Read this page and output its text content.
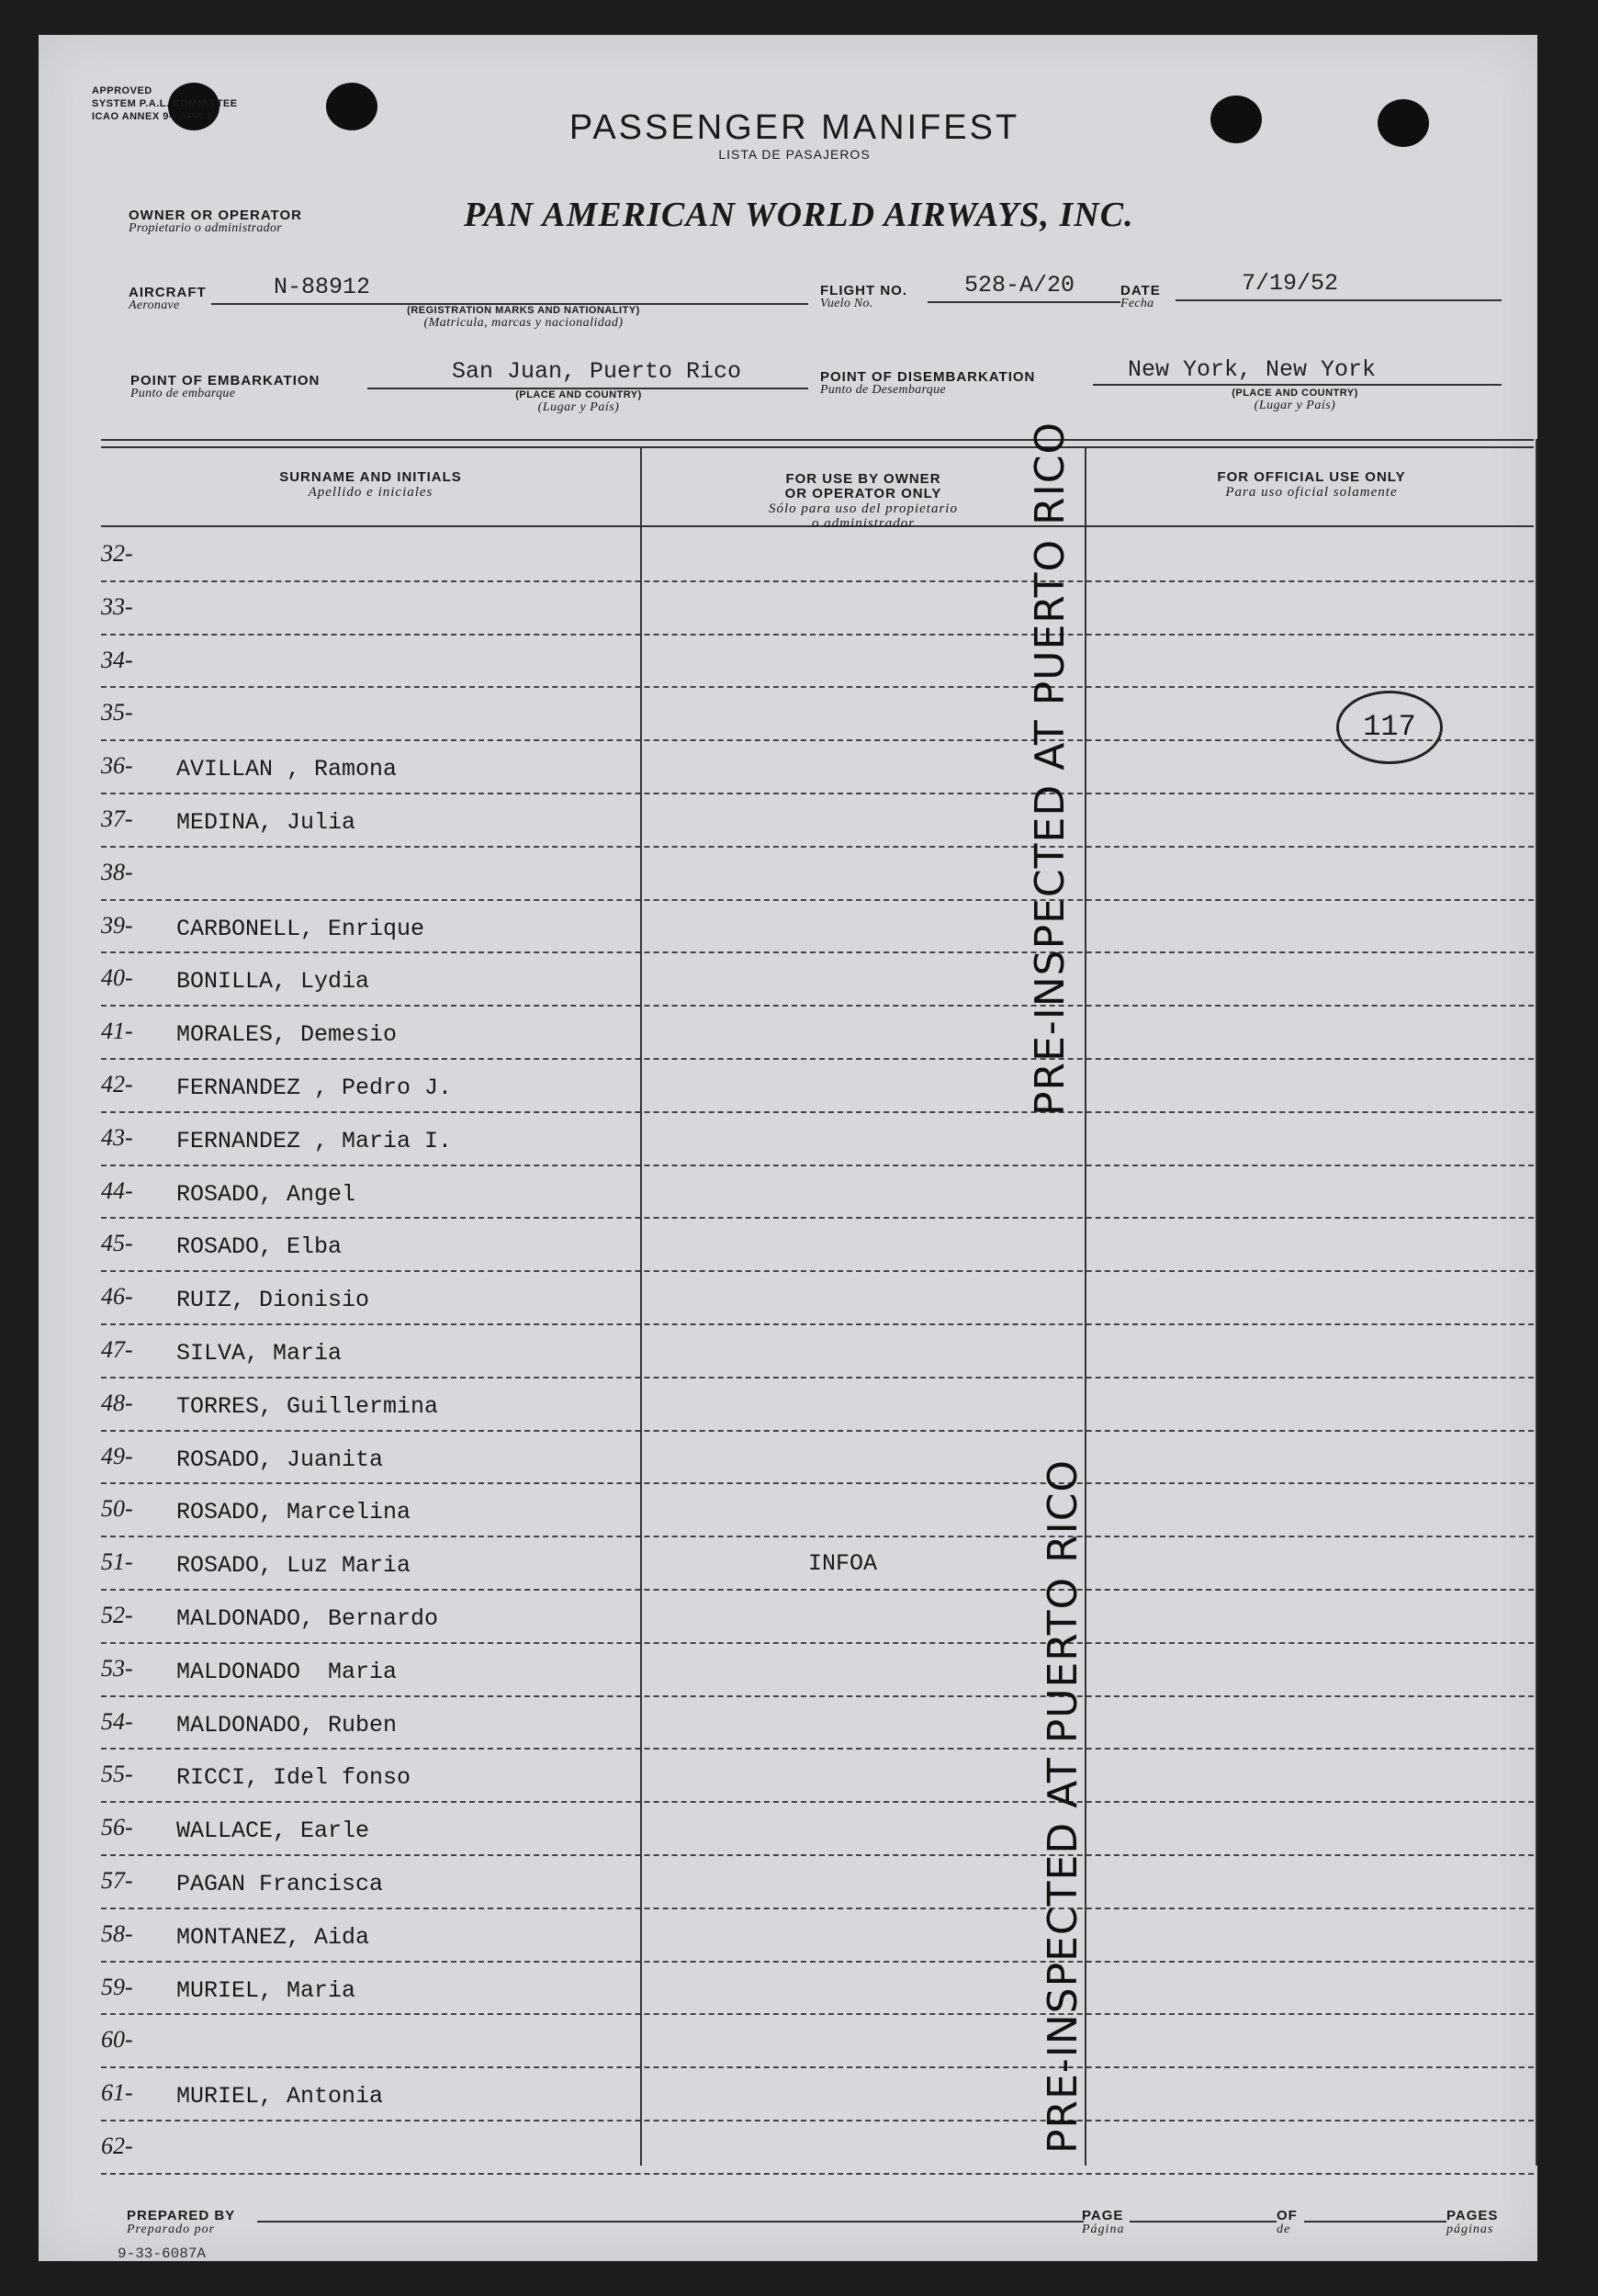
APPROVED
SYSTEM P.A.L. COMMITTEE
ICAO ANNEX 9—APP. 2	PASSENGER MANIFEST
LISTA DE PASAJEROS
OWNER OR OPERATOR
Propietario o administrador	PAN AMERICAN WORLD AIRWAYS, INC.
AIRCRAFT
Aeronave
N-88912
(REGISTRATION MARKS AND NATIONALITY)
(Matricula, marcas y nacionalidad)
FLIGHT NO.
Vuelo No.
528-A/20	DATE
Fecha
7/19/52
POINT OF EMBARKATION
Punto de embarque
San Juan, Puerto Rico
(PLACE AND COUNTRY)
(Lugar y País)
POINT OF DISEMBARKATION
Punto de Desembarque
New York, New York
(PLACE AND COUNTRY)
(Lugar y País)
SURNAME AND INITIALS
Apellido e iniciales

FOR USE BY OWNER
OR OPERATOR ONLY

Sólo para uso del propietario
o administrador

FOR OFFICIAL USE ONLY
Para uso oficial solamente
32-
33-
34-
35-
36- AVILLAN , Ramona
37- MEDINA, Julia
38-
39- CARBONELL, Enrique
40- BONILLA, Lydia
41- MORALES, Demesio
42- FERNANDEZ , Pedro J.
43- FERNANDEZ , Maria I.
44- ROSADO, Angel
45- ROSADO, Elba
46- RUIZ, Dionisio
47- SILVA, Maria
48- TORRES, Guillermina
49- ROSADO, Juanita
50- ROSADO, Marcelina
51- ROSADO, Luz Maria	INFOA
52- MALDONADO, Bernardo
53- MALDONADO  Maria
54- MALDONADO, Ruben
55- RICCI, Idel fonso
56- WALLACE, Earle
57- PAGAN Francisca
58- MONTANEZ, Aida
59- MURIEL, Maria
60-
61- MURIEL, Antonia
62-
PRE-INSPECTED AT PUERTO RICO
PRE-INSPECTED AT PUERTO RICO
117
PREPARED BY
Preparado por
PAGE
Página
OF
de
PAGES
páginas
9-33-6087A
